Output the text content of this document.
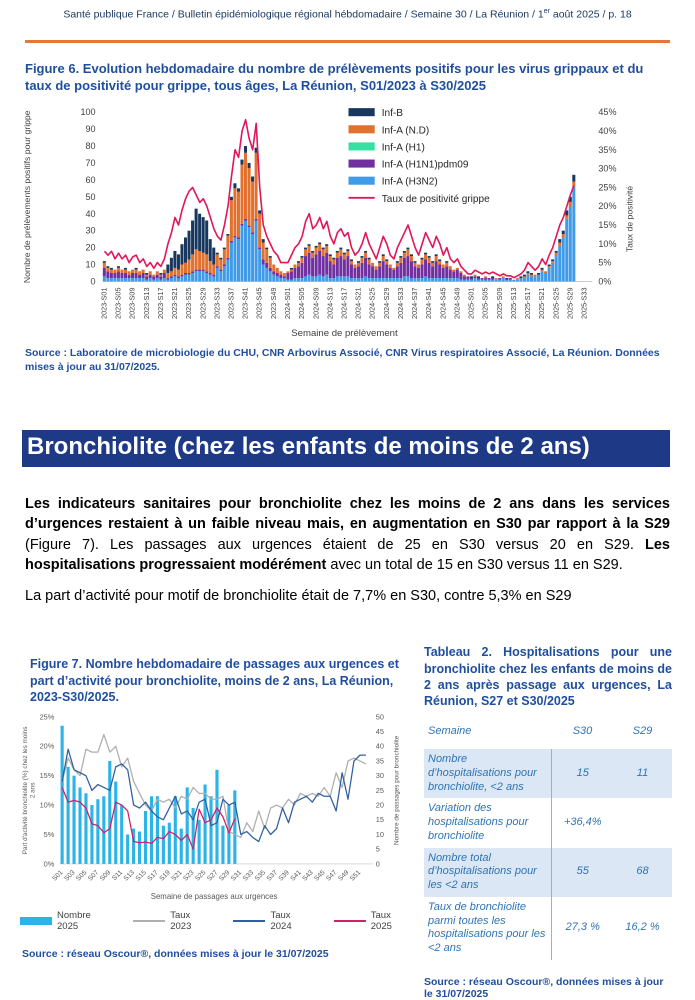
Santé publique France / Bulletin épidémiologique régional hébdomadaire / Semaine 30 / La Réunion / 1er août 2025 / p. 18
Figure 6. Evolution hebdomadaire du nombre de prélèvements positifs pour les virus grippaux et du taux de positivité pour grippe, tous âges, La Réunion, S01/2023 à S30/2025
0
10
20
30
40
50
60
70
80
90
100
0%
5%
10%
15%
20%
25%
30%
35%
40%
45%
2023-S01 2023-S05 2023-S09 2023-S13 2023-S17 2023-S21 2023-S25 2023-S29 2023-S33 2023-S37 2023-S41 2023-S45 2023-S49 2024-S01 2024-S05 2024-S09 2024-S13 2024-S17 2024-S21 2024-S25 2024-S29 2024-S33 2024-S37 2024-S41 2024-S45 2024-S49 2025-S01 2025-S05 2025-S09 2025-S13 2025-S17 2025-S21 2025-S25 2025-S29 2025-S33
Semaine de prélèvement
Nombre de prélèvements positifs pour grippe	Taux de positivité
Inf-B
Inf-A (N.D)
Inf-A (H1)
Inf-A (H1N1)pdm09
Inf-A (H3N2)
Taux de positivité grippe
Source : Laboratoire de microbiologie du CHU, CNR Arbovirus Associé, CNR Virus respiratoires Associé, La Réunion. Données mises à jour au 31/07/2025.
Bronchiolite (chez les enfants de moins de 2 ans)

Les indicateurs sanitaires pour bronchiolite chez les moins de 2 ans dans les services d’urgences restaient à un faible niveau mais, en augmentation en S30 par rapport à la S29 (Figure 7). Les passages aux urgences étaient de 25 en S30 versus 20 en S29. Les hospitalisations progressaient modérément avec un total de 15 en S30 versus 11 en S29.

La part d’activité pour motif de bronchiolite était de 7,7% en S30, contre 5,3% en S29

Figure 7. Nombre hebdomadaire de passages aux urgences et part d’activité pour bronchiolite, moins de 2 ans, La Réunion, 2023-S30/2025.
0%
5%
10%
15%
20%
25%
0
5
10
15
20
25
30
35
40
45
50
S01
S03
S05
S07
S09
S11
S13
S15
S17
S19
S21
S23
S25
S27
S29
S31
S33
S35
S37
S39
S41
S43
S45
S47
S49
S51
Semaine de passages aux urgences
Part d'activité bronchiolite (%) chez les moins 2 ans	Nombre de passages pour bronchiolite
Nombre 2025
Taux 2023
Taux 2024
Taux 2025
Source : réseau Oscour®, données mises à jour le 31/07/2025
Tableau 2. Hospitalisations pour une bronchiolite chez les enfants de moins de 2 ans après passage aux urgences, La Réunion, S27 et S30/2025
Semaine	S30	S29
Nombre d’hospitalisations pour bronchiolite, <2 ans	15	11
Variation des hospitalisations pour bronchiolite	+36,4%	
Nombre total d’hospitalisations pour les <2 ans	55	68
Taux de bronchiolite parmi toutes les hospitalisations pour les <2 ans	27,3 %	16,2 %
Source : réseau Oscour®, données mises à jour le 31/07/2025
